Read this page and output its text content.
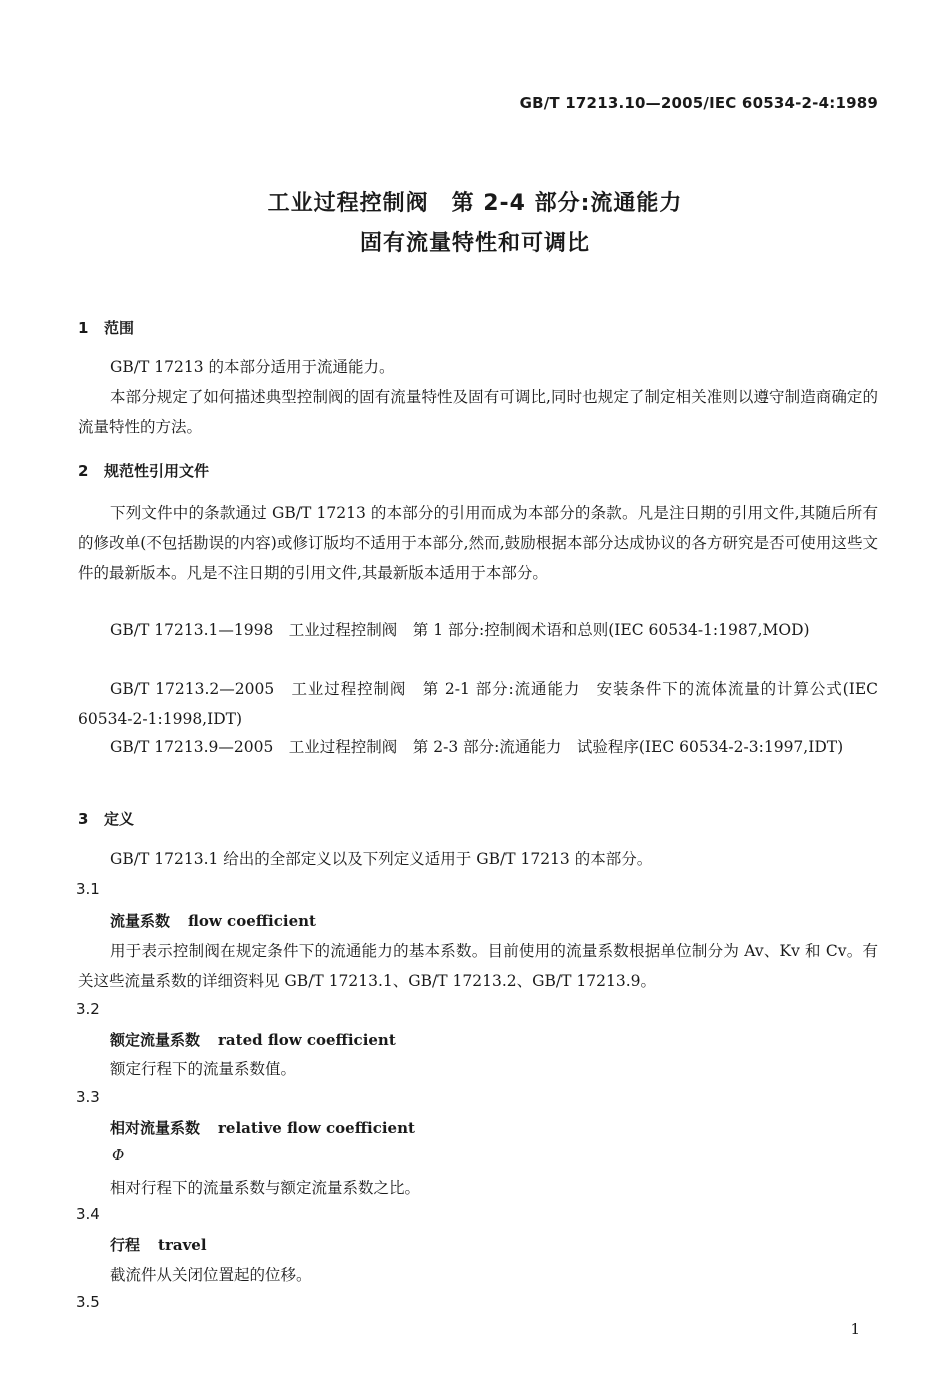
GB/T 17213.10—2005/IEC 60534-2-4:1989
工业过程控制阀　第 2-4 部分:流通能力
固有流量特性和可调比
1 范围

GB/T 17213 的本部分适用于流通能力。

本部分规定了如何描述典型控制阀的固有流量特性及固有可调比,同时也规定了制定相关准则以遵守制造商确定的流量特性的方法。

2 规范性引用文件

下列文件中的条款通过 GB/T 17213 的本部分的引用而成为本部分的条款。凡是注日期的引用文件,其随后所有的修改单(不包括勘误的内容)或修订版均不适用于本部分,然而,鼓励根据本部分达成协议的各方研究是否可使用这些文件的最新版本。凡是不注日期的引用文件,其最新版本适用于本部分。

GB/T 17213.1—1998　工业过程控制阀　第 1 部分:控制阀术语和总则(IEC 60534-1:1987,MOD)

GB/T 17213.2—2005　工业过程控制阀　第 2-1 部分:流通能力　安装条件下的流体流量的计算公式(IEC 60534-2-1:1998,IDT)

GB/T 17213.9—2005　工业过程控制阀　第 2-3 部分:流通能力　试验程序(IEC 60534-2-3:1997,IDT)

3 定义

GB/T 17213.1 给出的全部定义以及下列定义适用于 GB/T 17213 的本部分。

3.1
流量系数 flow coefficient

用于表示控制阀在规定条件下的流通能力的基本系数。目前使用的流量系数根据单位制分为 Av、Kv 和 Cv。有关这些流量系数的详细资料见 GB/T 17213.1、GB/T 17213.2、GB/T 17213.9。

3.2
额定流量系数 rated flow coefficient
额定行程下的流量系数值。
3.3
相对流量系数 relative flow coefficient
Φ
相对行程下的流量系数与额定流量系数之比。
3.4
行程 travel
截流件从关闭位置起的位移。
3.5
1
